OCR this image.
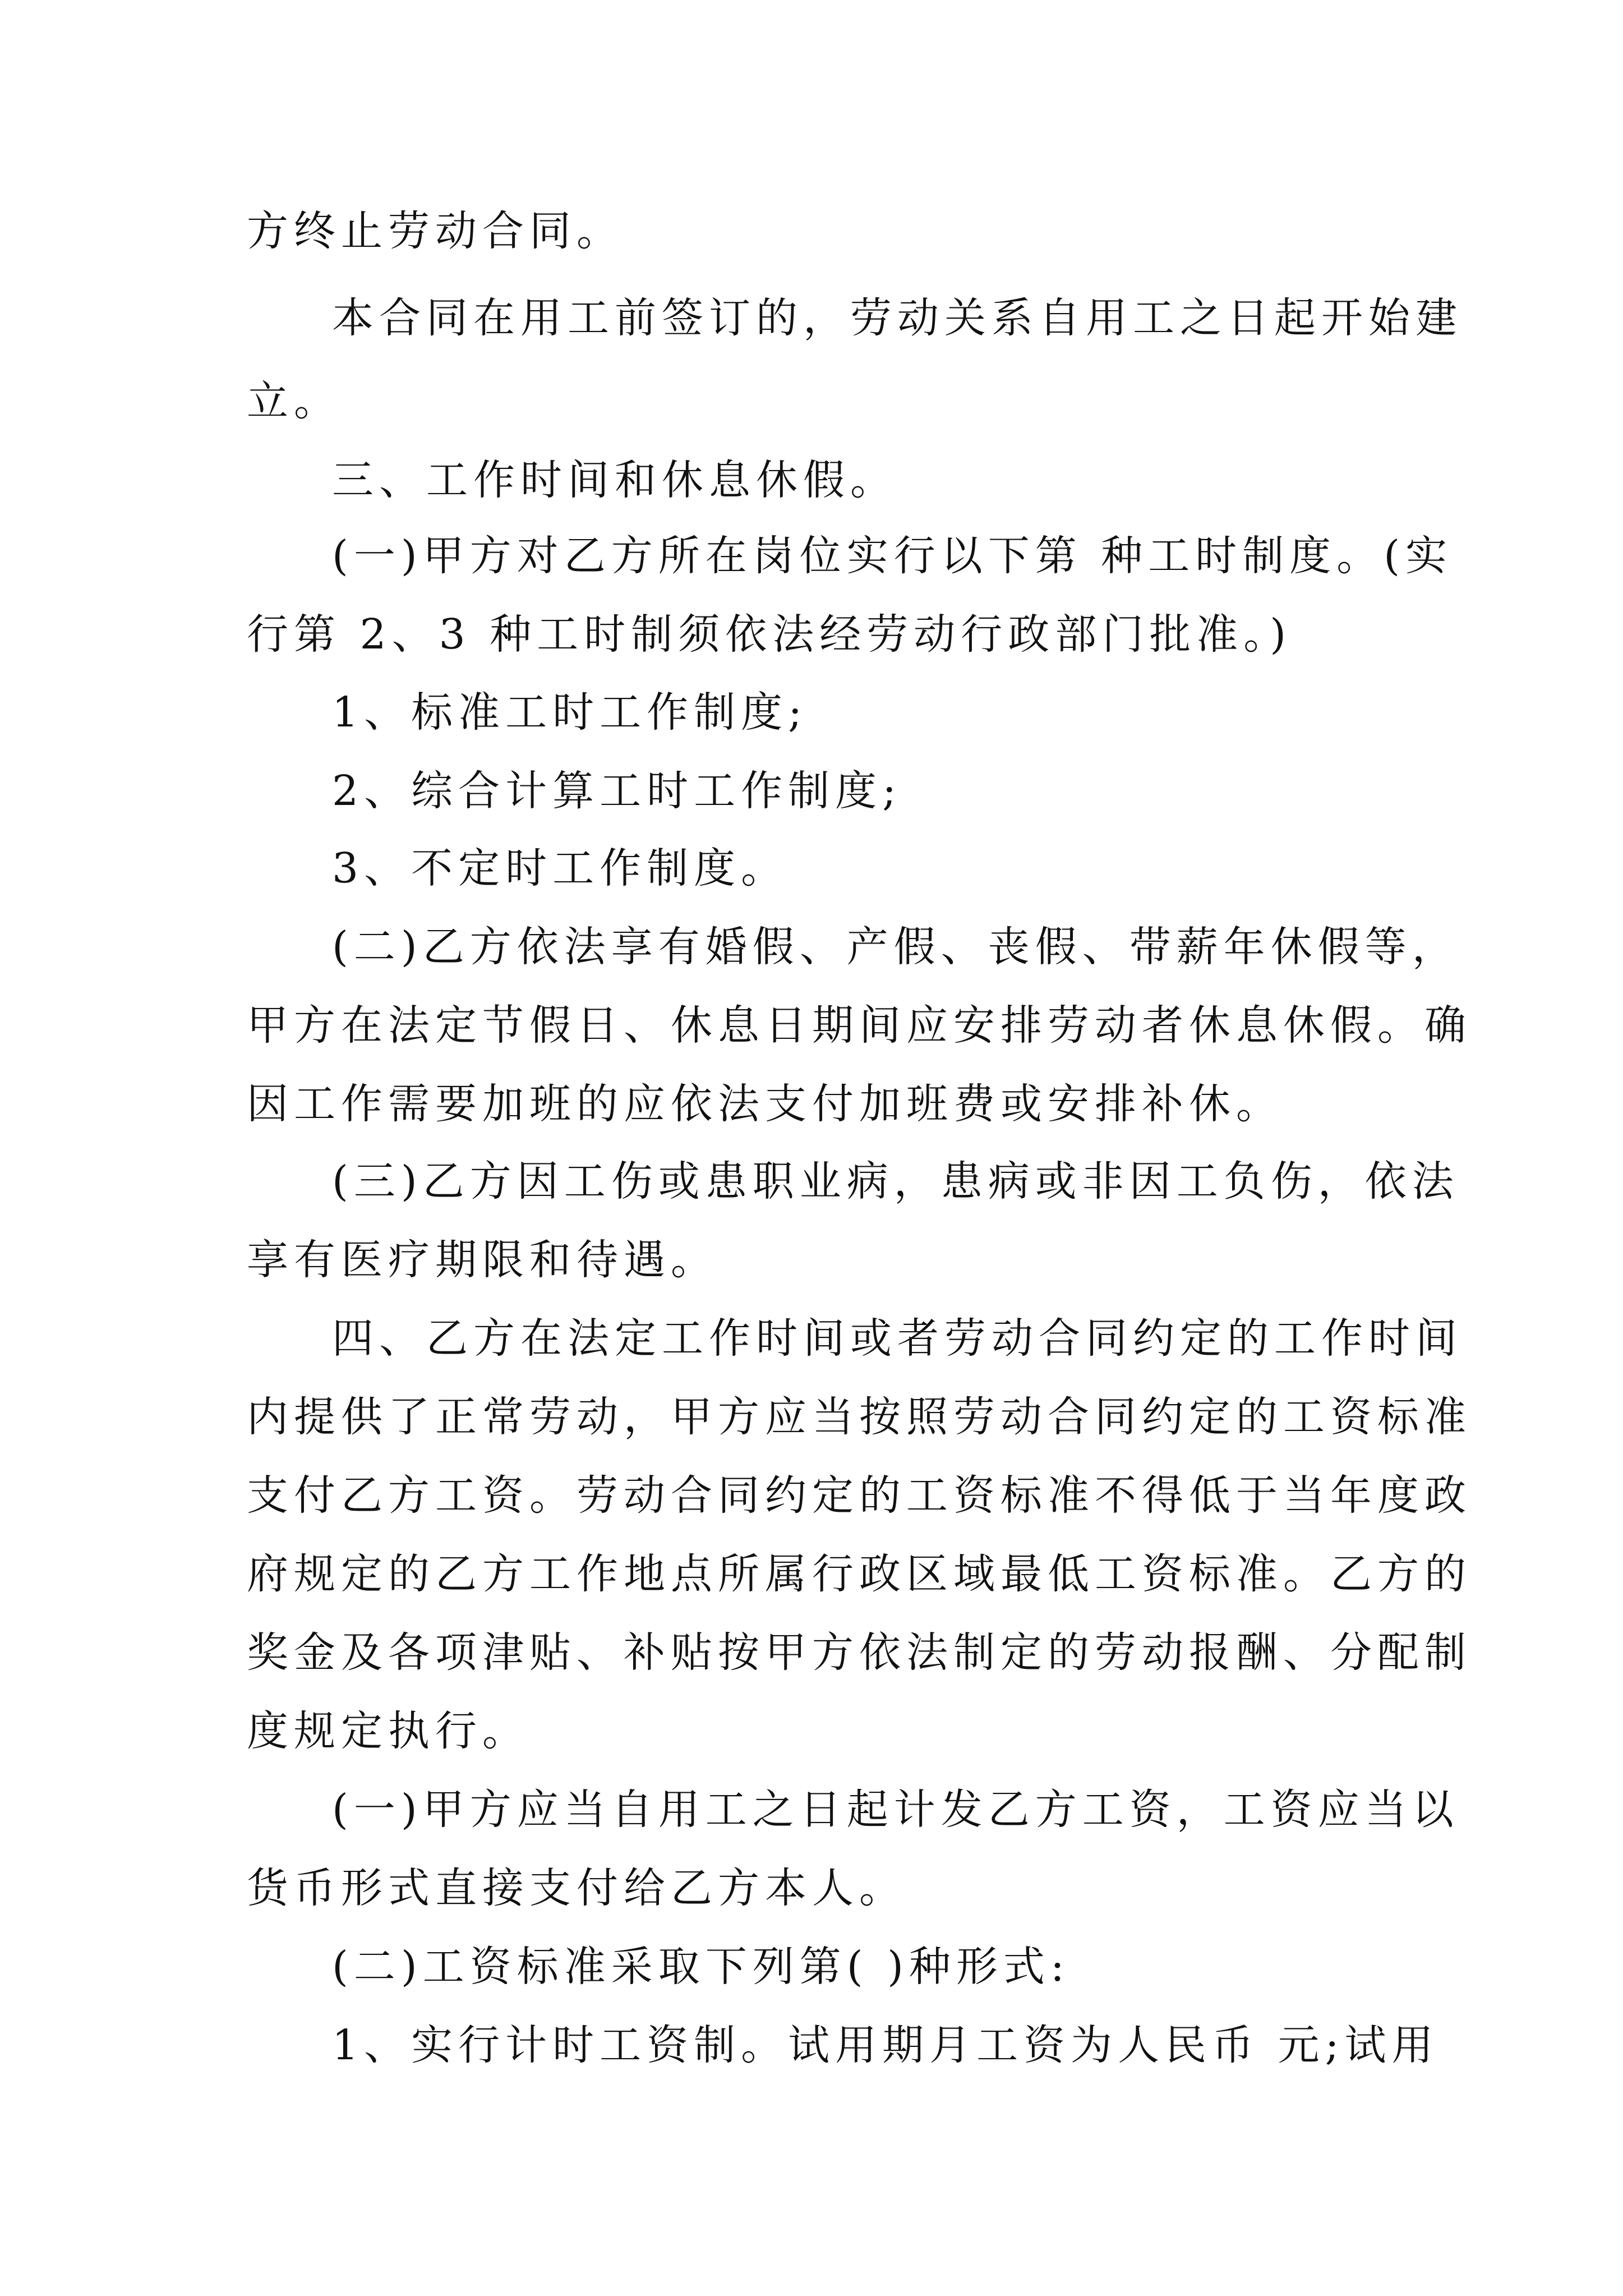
方终止劳动合同。
本合同在用工前签订的，劳动关系自用工之日起开始建
立。
三、工作时间和休息休假。
(一)甲方对乙方所在岗位实行以下第 种工时制度。(实
行第 2、3 种工时制须依法经劳动行政部门批准。)
1、标准工时工作制度;
2、综合计算工时工作制度;
3、不定时工作制度。
(二)乙方依法享有婚假、产假、丧假、带薪年休假等，
甲方在法定节假日、休息日期间应安排劳动者休息休假。确
因工作需要加班的应依法支付加班费或安排补休。
(三)乙方因工伤或患职业病，患病或非因工负伤，依法
享有医疗期限和待遇。
四、乙方在法定工作时间或者劳动合同约定的工作时间
内提供了正常劳动，甲方应当按照劳动合同约定的工资标准
支付乙方工资。劳动合同约定的工资标准不得低于当年度政
府规定的乙方工作地点所属行政区域最低工资标准。乙方的
奖金及各项津贴、补贴按甲方依法制定的劳动报酬、分配制
度规定执行。
(一)甲方应当自用工之日起计发乙方工资，工资应当以
货币形式直接支付给乙方本人。
(二)工资标准采取下列第( )种形式:
1、实行计时工资制。试用期月工资为人民币 元;试用
